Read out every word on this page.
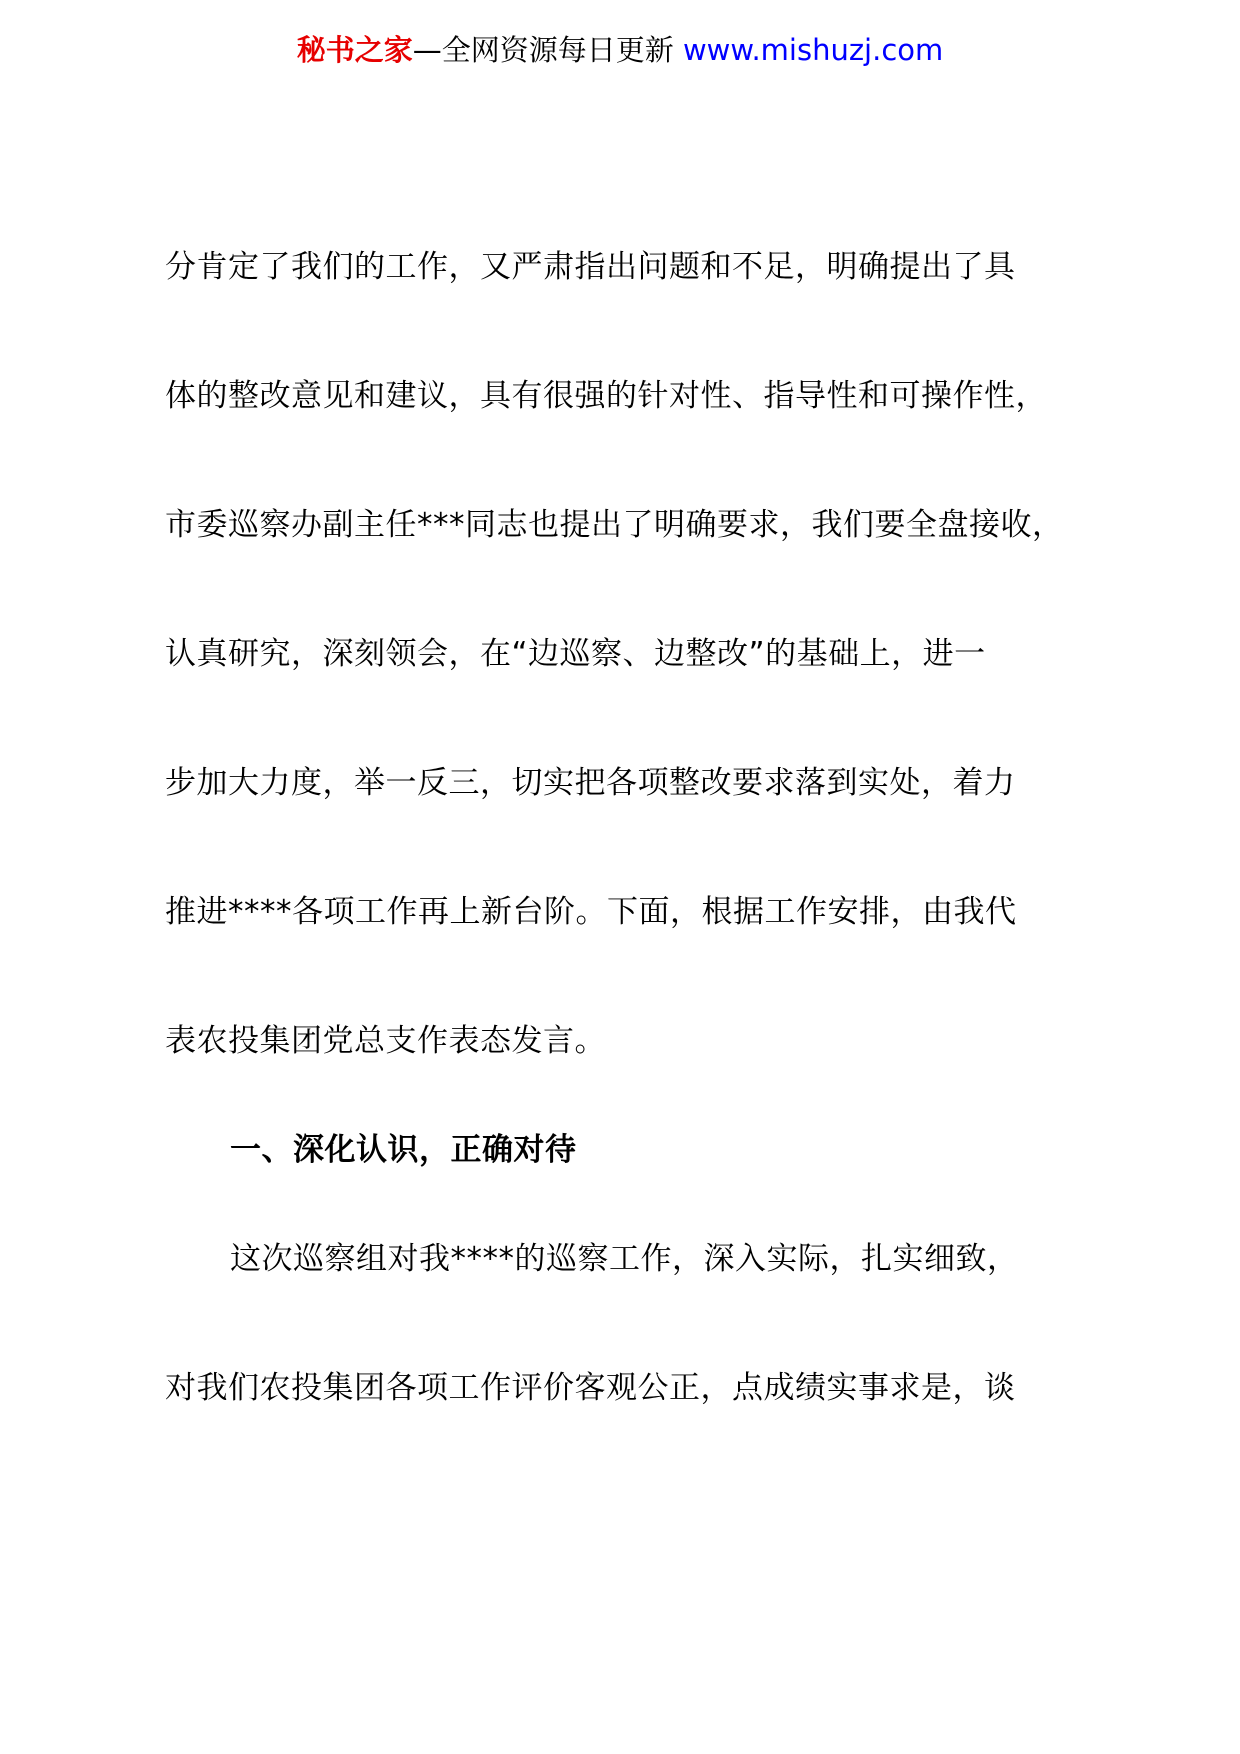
秘书之家—全网资源每日更新 www.mishuzj.com
分肯定了我们的工作，又严肃指出问题和不足，明确提出了具
体的整改意见和建议，具有很强的针对性、指导性和可操作性，
市委巡察办副主任***同志也提出了明确要求，我们要全盘接收，
认真研究，深刻领会，在“边巡察、边整改”的基础上，进一
步加大力度，举一反三，切实把各项整改要求落到实处，着力
推进****各项工作再上新台阶。下面，根据工作安排，由我代
表农投集团党总支作表态发言。
一、深化认识，正确对待
这次巡察组对我****的巡察工作，深入实际，扎实细致，
对我们农投集团各项工作评价客观公正，点成绩实事求是，谈
